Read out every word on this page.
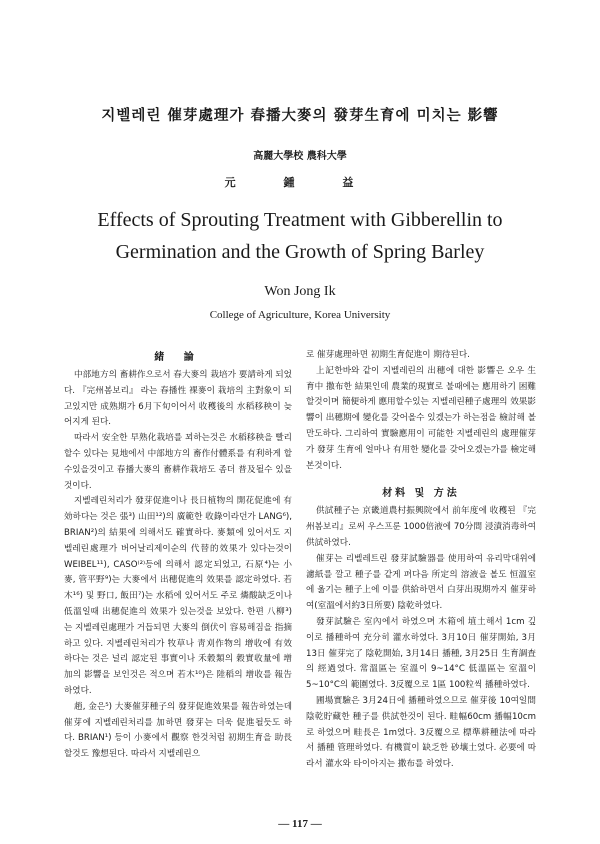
지벨레린 催芽處理가 春播大麥의 發芽生育에 미치는 影響
高麗大學校 農科大學
元 鍾 益
Effects of Sprouting Treatment with Gibberellin to
Germination and the Growth of Spring Barley
Won Jong Ik
College of Agriculture, Korea University

緒 論

中部地方의 畜耕作으로서 春大麥의 栽培가 要請하게 되었다. 『完州봄보리』 라는 春播性 裸麥이 栽培의 主對象이 되고있지만 成熟期가 6月下旬이어서 收穫後의 水稻移秧이 늦어지게 된다.

따라서 安全한 早熟化栽培를 꾀하는것은 水稻移秧을 빨리할수 있다는 見地에서 中部地方의 畜作付體系를 有利하게 할수있을것이고 春播大麥의 畜耕作栽培도 좀더 普及될수 있을 것이다.

지벨레린처리가 發芽促進이나 長日植物의 開花促進에 有効하다는 것은 張³) 山田¹²)의 廣範한 收錄이라던가 LANG⁶), BRIAN²)의 結果에 의해서도 確實하다. 麥類에 있어서도 지벨레린處理가 버어날리제이순의 代替的效果가 있다는것이 WEIBEL¹¹), CASO⁽²⁾등에 의해서 認定되었고, 石原⁴)는 小麥, 管平野⁹)는 大麥에서 出穗促進의 效果를 認定하였다. 若木¹⁶) 및 野口, 飯田⁷)는 水稻에 있어서도 주로 燐酸缺乏이나 低溫일때 出穗促進의 效果가 있는것을 보았다. 한편 八柳³)는 지벨레린處理가 거듭되면 大麥의 倒伏이 容易해짐을 指摘하고 있다. 지벨레린처리가 牧草나 靑刈作物의 增收에 有效하다는 것은 널리 認定된 事實이나 禾穀類의 穀實收量에 增加의 影響을 보인것은 적으며 若木¹⁰)은 陸稻의 增收를 報告하였다.

趙, 金은⁵) 大麥催芽種子의 發芽促進效果를 報告하였는데 催芽에 지벨레린처리를 加하면 發芽는 더욱 促進될듯도 하다. BRIAN¹) 등이 小麥에서 觀察 한것처럼 初期生育을 助長할것도 豫想된다. 따라서 지벨레린으

로 催芽處理하면 初期生育促進이 期待된다.

上記한바와 같이 지벨레린의 出穗에 대한 影響은 오우 生育中 撒布한 結果인데 農業的現實로 불때에는 應用하기 困難할것이며 簡便하게 應用할수있는 지벨레린種子處理의 效果影響이 出穗期에 變化를 갖어올수 있겠는가 하는점을 檢討해 볼만도하다. 그리하여 實驗應用이 可能한 지벨레린의 處理催芽가 發芽 生育에 얼마나 有用한 變化를 갖어오겠는가를 檢定해본것이다.

材料 및 方法

供試種子는 京畿道農村振興院에서 前年度에 收穫된 『完州봄보리』로써 우스프룬 1000倍液에 70分間 浸漬消毒하여 供試하였다.

催芽는 리벨레트린 發芽試驗器를 使用하여 유리막대위에 濾紙를 깔고 種子를 같게 펴다음 所定의 溶液을 볼도 恒溫室에 옮기는 種子上에 이를 供給하면서 白芽出現期까지 催芽하여(室溫에서約3日所要) 陰乾하였다.

發芽試驗은 室內에서 하였으며 木箱에 埴土해서 1cm 깊이로 播種하여 充分히 灌水하였다. 3月10日 催芽開始, 3月13日 催芽完了 陰乾開始, 3月14日 播種, 3月25日 生育調査의 經過였다. 常溫區는 室溫이 9~14°C 低溫區는 室溫이 5~10°C의 範圍였다. 3反覆으로 1區 100粒씩 播種하였다.

圃場實驗은 3月24日에 播種하였으므로 催芽後 10여일間 陰乾貯藏한 種子를 供試한것이 된다. 畦幅60cm 播幅10cm로 하였으며 畦長은 1m였다. 3反覆으로 標準耕種法에 따라서 播種 管理하였다. 有機質이 缺乏한 砂壤土였다. 必要에 따라서 灌水와 타이아지는 撒布를 하였다.

— 117 —
